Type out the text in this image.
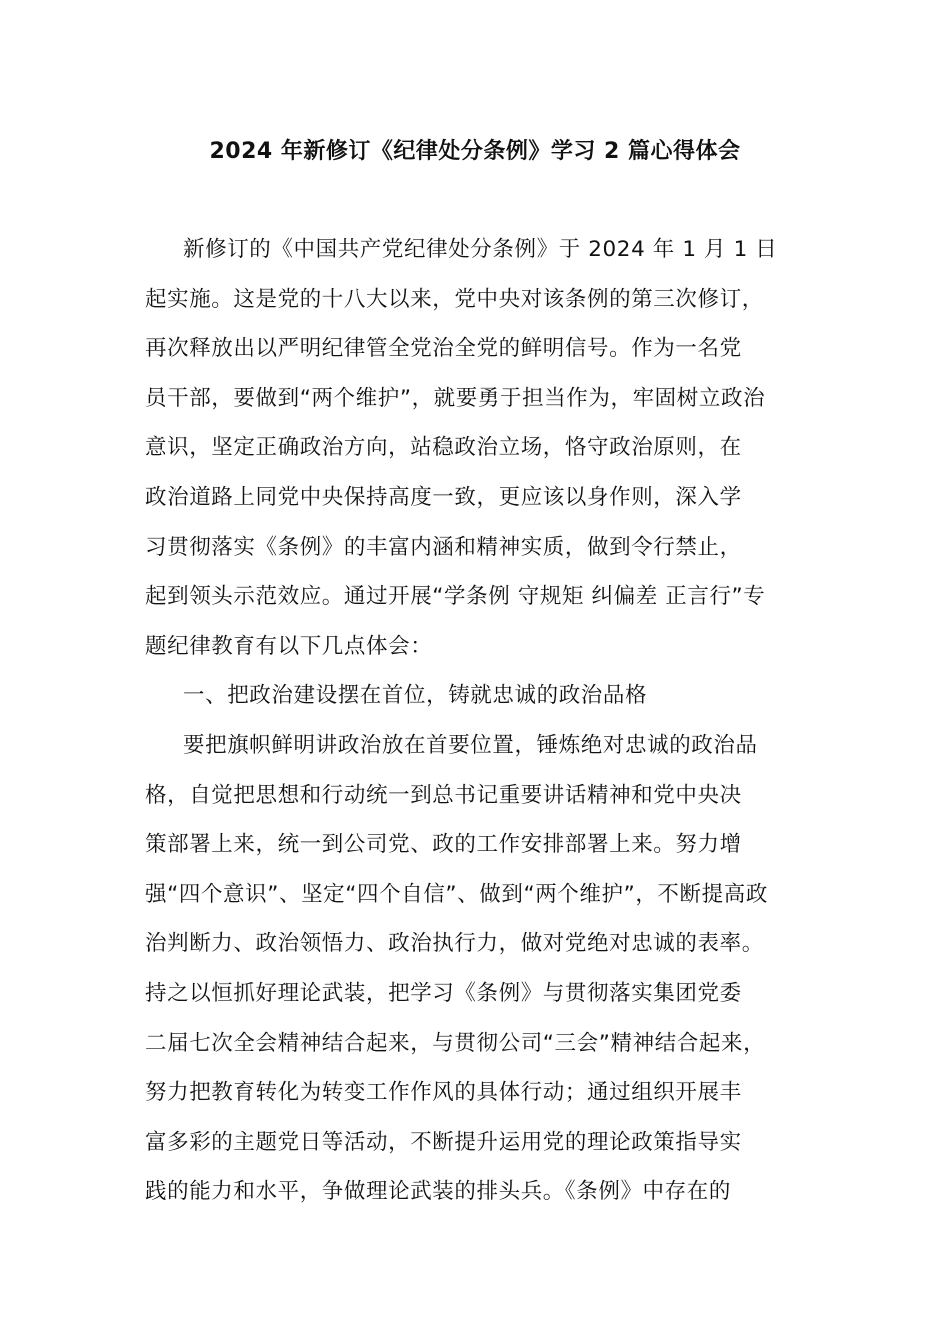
2024 年新修订《纪律处分条例》学习 2 篇心得体会
新修订的《中国共产党纪律处分条例》于 2024 年 1 月 1 日
起实施。这是党的十八大以来，党中央对该条例的第三次修订，
再次释放出以严明纪律管全党治全党的鲜明信号。作为一名党
员干部，要做到“两个维护”，就要勇于担当作为，牢固树立政治
意识，坚定正确政治方向，站稳政治立场，恪守政治原则，在
政治道路上同党中央保持高度一致，更应该以身作则，深入学
习贯彻落实《条例》的丰富内涵和精神实质，做到令行禁止，
起到领头示范效应。通过开展“学条例 守规矩 纠偏差 正言行”专
题纪律教育有以下几点体会：
一、把政治建设摆在首位，铸就忠诚的政治品格
要把旗帜鲜明讲政治放在首要位置，锤炼绝对忠诚的政治品
格，自觉把思想和行动统一到总书记重要讲话精神和党中央决
策部署上来，统一到公司党、政的工作安排部署上来。努力增
强“四个意识”、坚定“四个自信”、做到“两个维护”，不断提高政
治判断力、政治领悟力、政治执行力，做对党绝对忠诚的表率。
持之以恒抓好理论武装，把学习《条例》与贯彻落实集团党委
二届七次全会精神结合起来，与贯彻公司“三会”精神结合起来，
努力把教育转化为转变工作作风的具体行动；通过组织开展丰
富多彩的主题党日等活动，不断提升运用党的理论政策指导实
践的能力和水平，争做理论武装的排头兵。《条例》中存在的
